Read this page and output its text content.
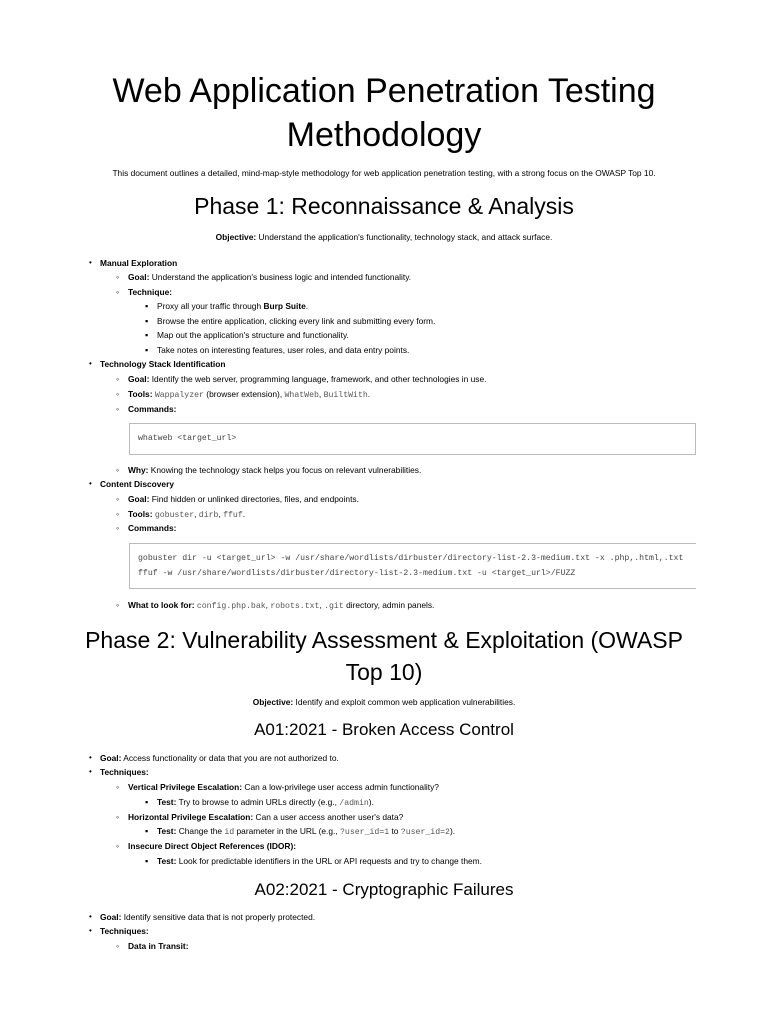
Web Application Penetration Testing
Methodology
This document outlines a detailed, mind-map-style methodology for web application penetration testing, with a strong focus on the OWASP Top 10.
Phase 1: Reconnaissance & Analysis
Objective: Understand the application's functionality, technology stack, and attack surface.
•
Manual Exploration
◦
Goal: Understand the application's business logic and intended functionality.
◦
Technique:
▪
Proxy all your traffic through Burp Suite.
▪
Browse the entire application, clicking every link and submitting every form.
▪
Map out the application's structure and functionality.
▪
Take notes on interesting features, user roles, and data entry points.
•
Technology Stack Identification
◦
Goal: Identify the web server, programming language, framework, and other technologies in use.
◦
Tools: Wappalyzer (browser extension), WhatWeb, BuiltWith.
◦
Commands:
whatweb <target_url>
◦
Why: Knowing the technology stack helps you focus on relevant vulnerabilities.
•
Content Discovery
◦
Goal: Find hidden or unlinked directories, files, and endpoints.
◦
Tools: gobuster, dirb, ffuf.
◦
Commands:
gobuster dir -u <target_url> -w /usr/share/wordlists/dirbuster/directory-list-2.3-medium.txt -x .php,.html,.txt
ffuf -w /usr/share/wordlists/dirbuster/directory-list-2.3-medium.txt -u <target_url>/FUZZ
◦
What to look for: config.php.bak, robots.txt, .git directory, admin panels.
Phase 2: Vulnerability Assessment & Exploitation (OWASP
Top 10)
Objective: Identify and exploit common web application vulnerabilities.
A01:2021 - Broken Access Control
•
Goal: Access functionality or data that you are not authorized to.
•
Techniques:
◦
Vertical Privilege Escalation: Can a low-privilege user access admin functionality?
▪
Test: Try to browse to admin URLs directly (e.g., /admin).
◦
Horizontal Privilege Escalation: Can a user access another user's data?
▪
Test: Change the id parameter in the URL (e.g., ?user_id=1 to ?user_id=2).
◦
Insecure Direct Object References (IDOR):
▪
Test: Look for predictable identifiers in the URL or API requests and try to change them.
A02:2021 - Cryptographic Failures
•
Goal: Identify sensitive data that is not properly protected.
•
Techniques:
◦
Data in Transit:
